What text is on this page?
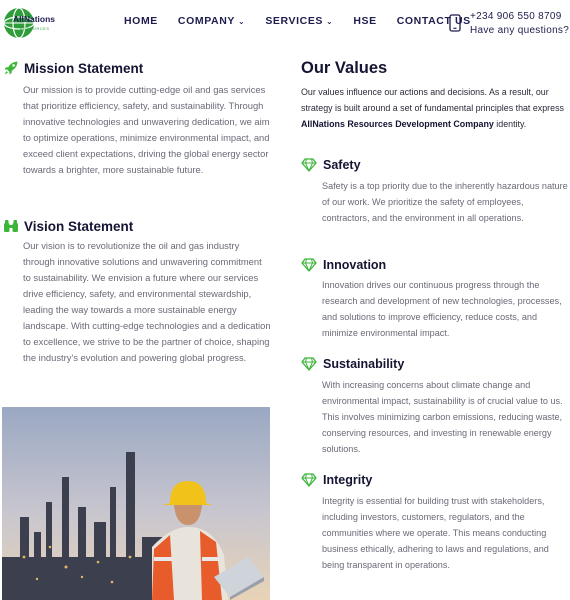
AllNations
RESOURCES
HOME COMPANY ⌄ SERVICES ⌄ HSE CONTACT US +234 906 550 8709
Have any questions?
Mission Statement
Our mission is to provide cutting-edge oil and gas services that prioritize efficiency, safety, and sustainability. Through innovative technologies and unwavering dedication, we aim to optimize operations, minimize environmental impact, and exceed client expectations, driving the global energy sector towards a brighter, more sustainable future.
Vision Statement
Our vision is to revolutionize the oil and gas industry through innovative solutions and unwavering commitment to sustainability. We envision a future where our services drive efficiency, safety, and environmental stewardship, leading the way towards a more sustainable energy landscape. With cutting-edge technologies and a dedication to excellence, we strive to be the partner of choice, shaping the industry's evolution and powering global progress.
Our Values
Our values influence our actions and decisions. As a result, our strategy is built around a set of fundamental principles that express AllNations Resources Development Company identity.
Safety
Safety is a top priority due to the inherently hazardous nature of our work. We prioritize the safety of employees, contractors, and the environment in all operations.
Innovation
Innovation drives our continuous progress through the research and development of new technologies, processes, and solutions to improve efficiency, reduce costs, and minimize environmental impact.
Sustainability
With increasing concerns about climate change and environmental impact, sustainability is of crucial value to us. This involves minimizing carbon emissions, reducing waste, conserving resources, and investing in renewable energy solutions.
Integrity
Integrity is essential for building trust with stakeholders, including investors, customers, regulators, and the communities where we operate. This means conducting business ethically, adhering to laws and regulations, and being transparent in operations.
